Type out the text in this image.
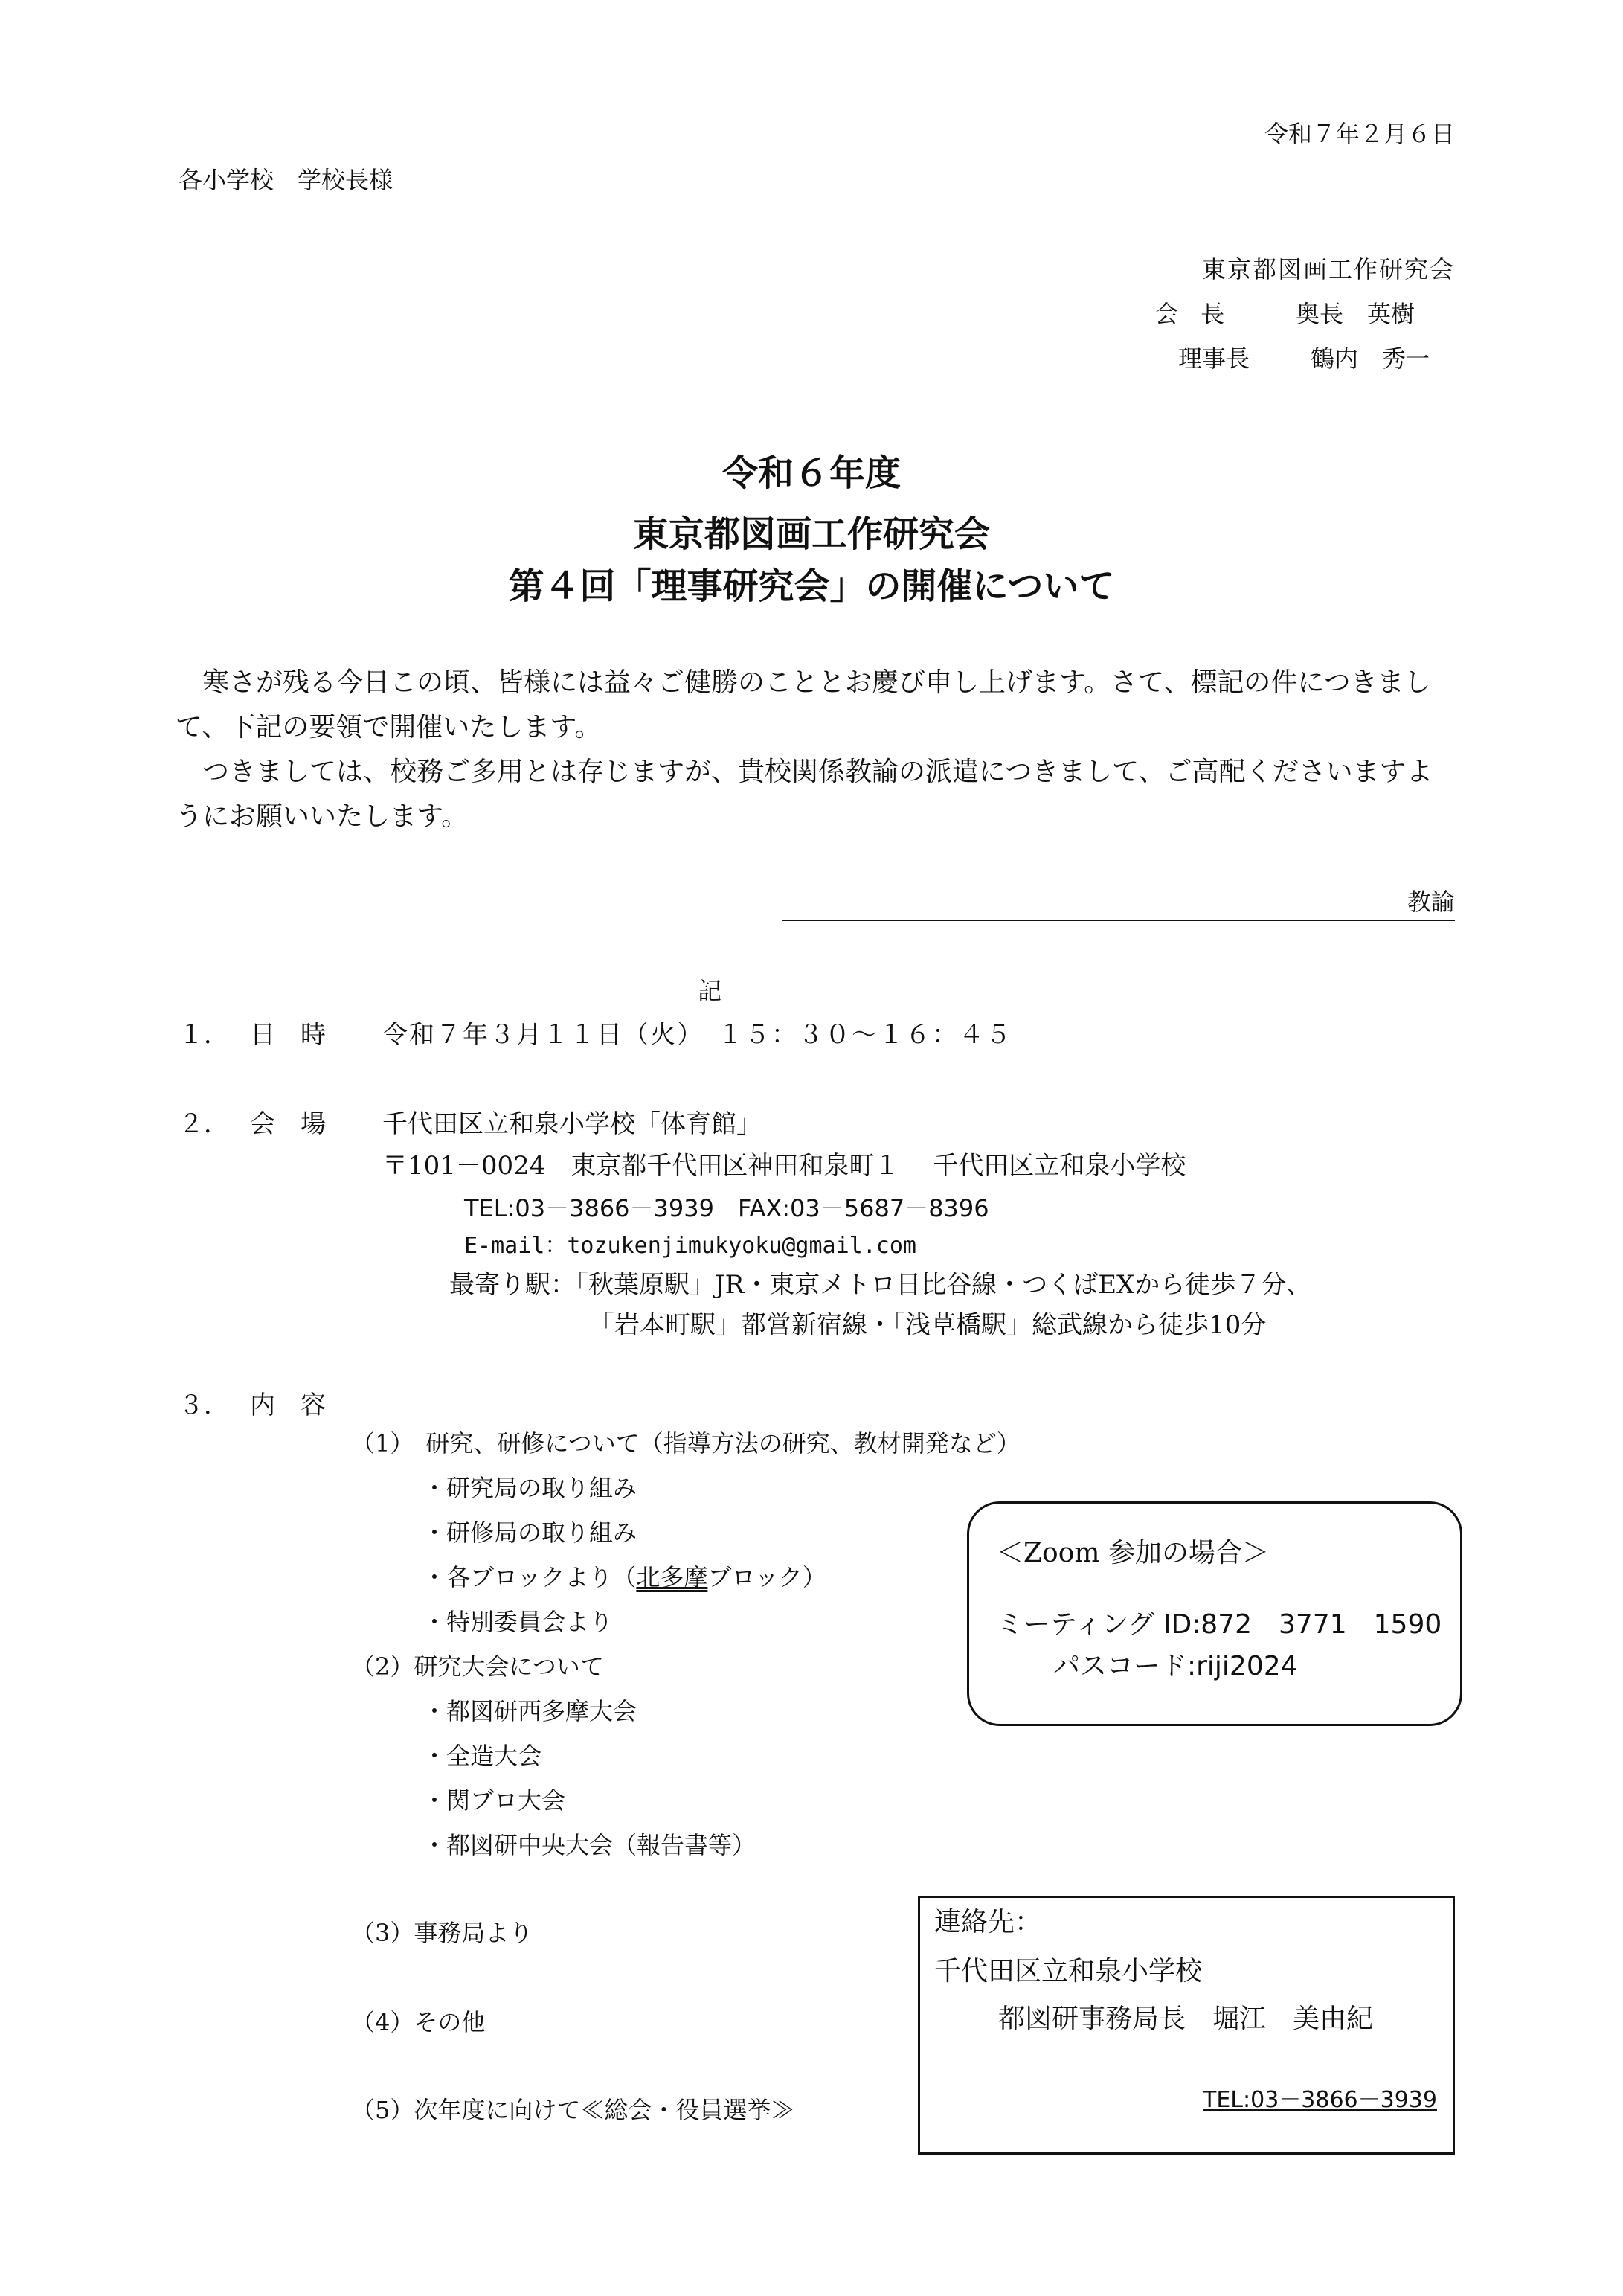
令和７年２月６日
各小学校　学校長様
東京都図画工作研究会
会 長	奥長　英樹
理事長	鶴内　秀一
令和６年度
東京都図画工作研究会
第４回「理事研究会」の開催について

　寒さが残る今日この頃、皆様には益々ご健勝のこととお慶び申し上げます。さて、標記の件につきまして、下記の要領で開催いたします。

　つきましては、校務ご多用とは存じますが、貴校関係教諭の派遣につきまして、ご高配くださいますようにお願いいたします。

教諭
記
１． 日　時 令和７年３月１１日（火）　１５：３０～１６：４５
２． 会　場 千代田区立和泉小学校「体育館」
〒101－0024　東京都千代田区神田和泉町１　 千代田区立和泉小学校
TEL:03－3866－3939　FAX:03－5687－8396
E-mail：tozukenjimukyoku@gmail.com
最寄り駅：「秋葉原駅」JR・東京メトロ日比谷線・つくばEXから徒歩７分、
「岩本町駅」都営新宿線・「浅草橋駅」総武線から徒歩10分
３． 内　容
（1）　研究、研修について（指導方法の研究、教材開発など）
・研究局の取り組み
・研修局の取り組み
・各ブロックより（北多摩ブロック）
・特別委員会より
（2）研究大会について
・都図研西多摩大会
・全造大会
・関ブロ大会
・都図研中央大会（報告書等）
（3）事務局より
（4）その他
（5）次年度に向けて≪総会・役員選挙≫
＜Zoom 参加の場合＞
ミーティング ID:872　3771　1590
パスコード:riji2024
連絡先：
千代田区立和泉小学校
都図研事務局長　堀江　美由紀
TEL:03－3866－3939
